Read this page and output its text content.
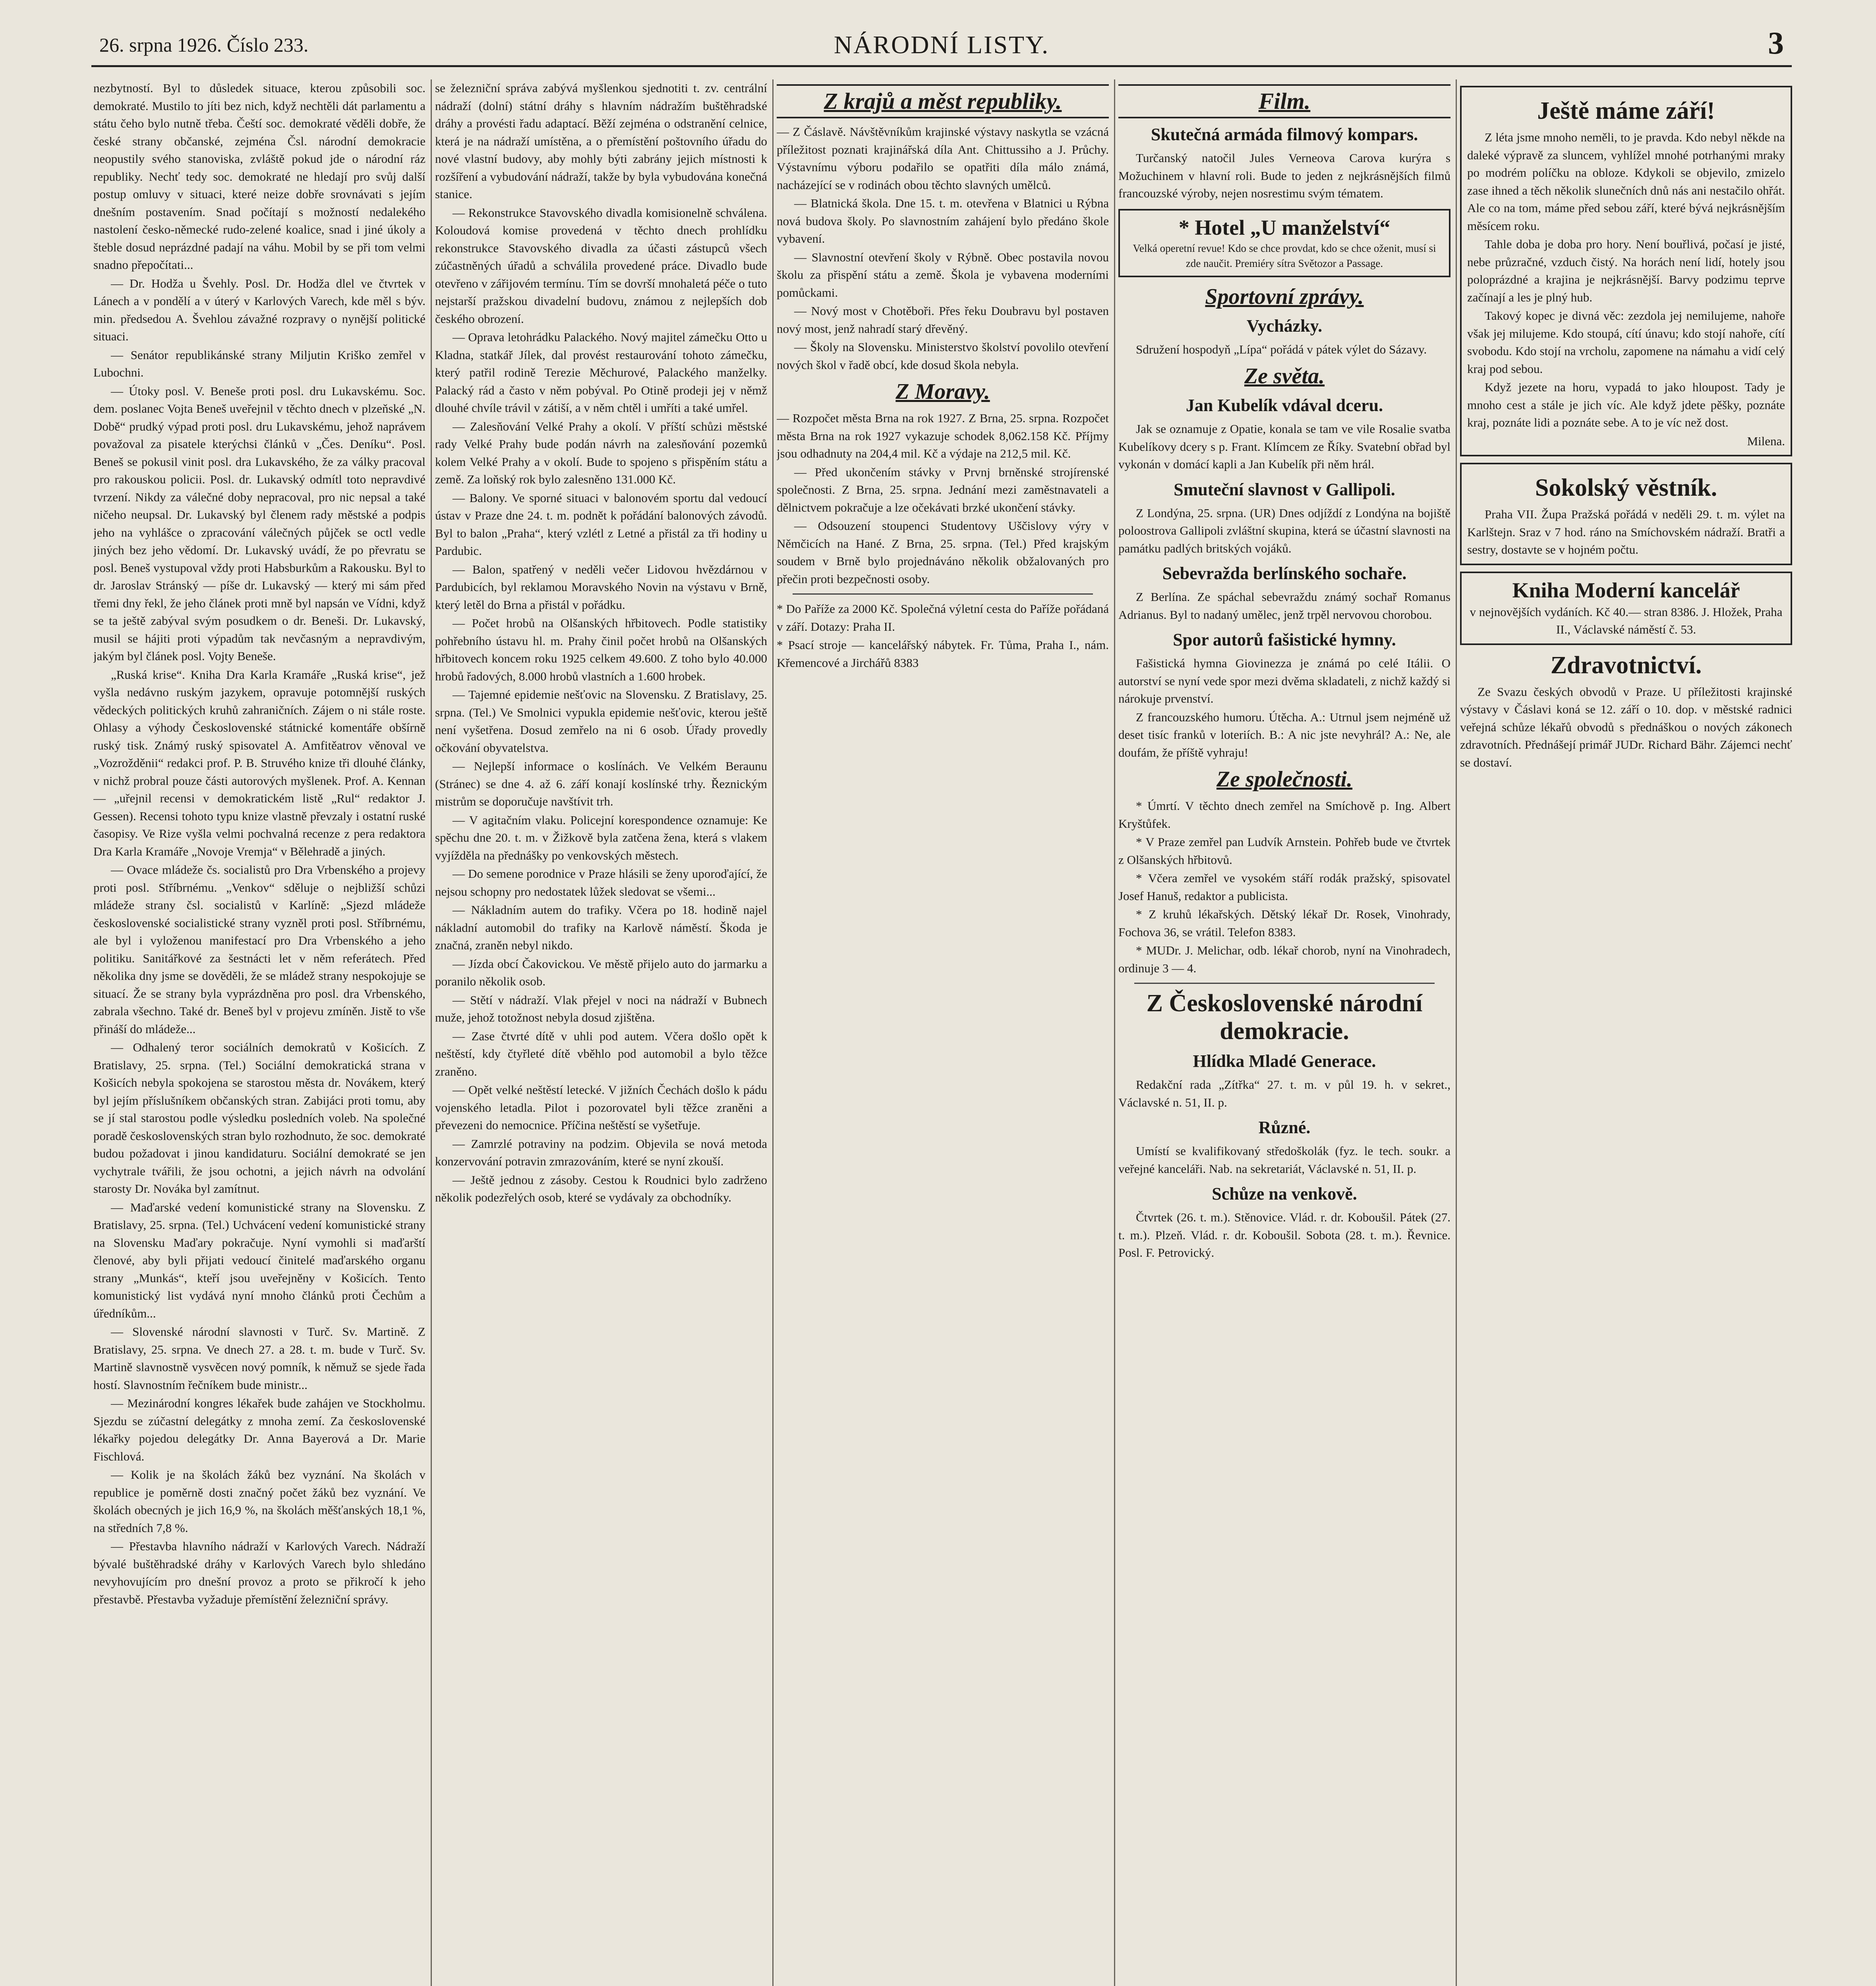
26. srpna 1926. Číslo 233.	NÁRODNÍ LISTY.	3

nezbytností. Byl to důsledek situace, kterou způsobili soc. demokraté. Mustilo to jíti bez nich, když nechtěli dát parlamentu a státu čeho bylo nutně třeba. Čeští soc. demokraté věděli dobře, že české strany občanské, zejména Čsl. národní demokracie neopustily svého stanoviska, zvláště pokud jde o národní ráz republiky. Nechť tedy soc. demokraté ne hledají pro svůj další postup omluvy v situaci, které neize dobře srovnávati s jejím dnešním postavením. Snad počítají s možností nedalekého nastolení česko-německé rudo-zelené koalice, snad i jiné úkoly a šteble dosud neprázdné padají na váhu. Mobil by se při tom velmi snadno přepočítati...

— Dr. Hodža u Švehly. Posl. Dr. Hodža dlel ve čtvrtek v Lánech a v pondělí a v úterý v Karlových Varech, kde měl s býv. min. předsedou A. Švehlou závažné rozpravy o nynější politické situaci.

— Senátor republikánské strany Miljutin Kriško zemřel v Lubochni.

— Útoky posl. V. Beneše proti posl. dru Lukavskému. Soc. dem. poslanec Vojta Beneš uveřejnil v těchto dnech v plzeňské „N. Době“ prudký výpad proti posl. dru Lukavskému, jehož naprávem považoval za pisatele kterýchsi článků v „Čes. Deníku“. Posl. Beneš se pokusil vinit posl. dra Lukavského, že za války pracoval pro rakouskou policii. Posl. dr. Lukavský odmítl toto nepravdivé tvrzení. Nikdy za válečné doby nepracoval, pro nic nepsal a také ničeho neupsal. Dr. Lukavský byl členem rady městské a podpis jeho na vyhlášce o zpracování válečných půjček se octl vedle jiných bez jeho vědomí. Dr. Lukavský uvádí, že po převratu se posl. Beneš vystupoval vždy proti Habsburkům a Rakousku. Byl to dr. Jaroslav Stránský — píše dr. Lukavský — který mi sám před třemi dny řekl, že jeho článek proti mně byl napsán ve Vídni, když se ta ještě zabýval svým posudkem o dr. Beneši. Dr. Lukavský, musil se hájiti proti výpadům tak nevčasným a nepravdivým, jakým byl článek posl. Vojty Beneše.

„Ruská krise“. Kniha Dra Karla Kramáře „Ruská krise“, jež vyšla nedávno ruským jazykem, opravuje potomnější ruských vědeckých politických kruhů zahraničních. Zájem o ni stále roste. Ohlasy a výhody Československé státnické komentáře obšírně ruský tisk. Známý ruský spisovatel A. Amfitěatrov věnoval ve „Vozrožděnii“ redakci prof. P. B. Struvého knize tři dlouhé články, v nichž probral pouze části autorových myšlenek. Prof. A. Kennan — „uřejnil recensi v demokratickém listě „Rul“ redaktor J. Gessen). Recensi tohoto typu knize vlastně převzaly i ostatní ruské časopisy. Ve Rize vyšla velmi pochvalná recenze z pera redaktora Dra Karla Kramáře „Novoje Vremja“ v Bělehradě a jiných.

— Ovace mládeže čs. socialistů pro Dra Vrbenského a projevy proti posl. Stříbrnému. „Venkov“ sděluje o nejbližší schůzi mládeže strany čsl. socialistů v Karlíně: „Sjezd mládeže československé socialistické strany vyzněl proti posl. Stříbrnému, ale byl i vyloženou manifestací pro Dra Vrbenského a jeho politiku. Sanitářkové za šestnácti let v něm referátech. Před několika dny jsme se dověděli, že se mládež strany nespokojuje se situací. Že se strany byla vyprázdněna pro posl. dra Vrbenského, zabrala všechno. Také dr. Beneš byl v projevu zmíněn. Jistě to vše přináší do mládeže...

— Odhalený teror sociálních demokratů v Košicích. Z Bratislavy, 25. srpna. (Tel.) Sociální demokratická strana v Košicích nebyla spokojena se starostou města dr. Novákem, který byl jejím příslušníkem občanských stran. Zabijáci proti tomu, aby se jí stal starostou podle výsledku posledních voleb. Na společné poradě československých stran bylo rozhodnuto, že soc. demokraté budou požadovat i jinou kandidaturu. Sociální demokraté se jen vychytrale tvářili, že jsou ochotni, a jejich návrh na odvolání starosty Dr. Nováka byl zamítnut.

— Maďarské vedení komunistické strany na Slovensku. Z Bratislavy, 25. srpna. (Tel.) Uchvácení vedení komunistické strany na Slovensku Maďary pokračuje. Nyní vymohli si maďarští členové, aby byli přijati vedoucí činitelé maďarského organu strany „Munkás“, kteří jsou uveřejněny v Košicích. Tento komunistický list vydává nyní mnoho článků proti Čechům a úředníkům...

— Slovenské národní slavnosti v Turč. Sv. Martině. Z Bratislavy, 25. srpna. Ve dnech 27. a 28. t. m. bude v Turč. Sv. Martině slavnostně vysvěcen nový pomník, k němuž se sjede řada hostí. Slavnostním řečníkem bude ministr...

— Mezinárodní kongres lékařek bude zahájen ve Stockholmu. Sjezdu se zúčastní delegátky z mnoha zemí. Za československé lékařky pojedou delegátky Dr. Anna Bayerová a Dr. Marie Fischlová.

— Kolik je na školách žáků bez vyznání. Na školách v republice je poměrně dosti značný počet žáků bez vyznání. Ve školách obecných je jich 16,9 %, na školách měšťanských 18,1 %, na středních 7,8 %.

— Přestavba hlavního nádraží v Karlových Varech. Nádraží bývalé buštěhradské dráhy v Karlových Varech bylo shledáno nevyhovujícím pro dnešní provoz a proto se přikročí k jeho přestavbě. Přestavba vyžaduje přemístění železniční správy.

se železniční správa zabývá myšlenkou sjednotiti t. zv. centrální nádraží (dolní) státní dráhy s hlavním nádražím buštěhradské dráhy a provésti řadu adaptací. Běží zejména o odstranění celnice, která je na nádraží umístěna, a o přemístění poštovního úřadu do nové vlastní budovy, aby mohly býti zabrány jejich místnosti k rozšíření a vybudování nádraží, takže by byla vybudována konečná stanice.

— Rekonstrukce Stavovského divadla komisionelně schválena. Koloudová komise provedená v těchto dnech prohlídku rekonstrukce Stavovského divadla za účasti zástupců všech zúčastněných úřadů a schválila provedené práce. Divadlo bude otevřeno v zářijovém termínu. Tím se dovrší mnohaletá péče o tuto nejstarší pražskou divadelní budovu, známou z nejlepších dob českého obrození.

— Oprava letohrádku Palackého. Nový majitel zámečku Otto u Kladna, statkář Jílek, dal provést restaurování tohoto zámečku, který patřil rodině Terezie Měchurové, Palackého manželky. Palacký rád a často v něm pobýval. Po Otině prodeji jej v němž dlouhé chvíle trávil v zátiší, a v něm chtěl i umříti a také umřel.

— Zalesňování Velké Prahy a okolí. V příští schůzi městské rady Velké Prahy bude podán návrh na zalesňování pozemků kolem Velké Prahy a v okolí. Bude to spojeno s přispěním státu a země. Za loňský rok bylo zalesněno 131.000 Kč.

— Balony. Ve sporné situaci v balonovém sportu dal vedoucí ústav v Praze dne 24. t. m. podnět k pořádání balonových závodů. Byl to balon „Praha“, který vzlétl z Letné a přistál za tři hodiny u Pardubic.

— Balon, spatřený v neděli večer Lidovou hvězdárnou v Pardubicích, byl reklamou Moravského Novin na výstavu v Brně, který letěl do Brna a přistál v pořádku.

— Počet hrobů na Olšanských hřbitovech. Podle statistiky pohřebního ústavu hl. m. Prahy činil počet hrobů na Olšanských hřbitovech koncem roku 1925 celkem 49.600. Z toho bylo 40.000 hrobů řadových, 8.000 hrobů vlastních a 1.600 hrobek.

— Tajemné epidemie nešťovic na Slovensku. Z Bratislavy, 25. srpna. (Tel.) Ve Smolnici vypukla epidemie nešťovic, kterou ještě není vyšetřena. Dosud zemřelo na ni 6 osob. Úřady provedly očkování obyvatelstva.

— Nejlepší informace o koslínách. Ve Velkém Beraunu (Stránec) se dne 4. až 6. září konají koslínské trhy. Řeznickým mistrům se doporučuje navštívit trh.

— V agitačním vlaku. Policejní korespondence oznamuje: Ke spěchu dne 20. t. m. v Žižkově byla zatčena žena, která s vlakem vyjížděla na přednášky po venkovských městech.

— Do semene porodnice v Praze hlásili se ženy uporoďající, že nejsou schopny pro nedostatek lůžek sledovat se všemi...

— Nákladním autem do trafiky. Včera po 18. hodině najel nákladní automobil do trafiky na Karlově náměstí. Škoda je značná, zraněn nebyl nikdo.

— Jízda obcí Čakovickou. Ve městě přijelo auto do jarmarku a poranilo několik osob.

— Stětí v nádraží. Vlak přejel v noci na nádraží v Bubnech muže, jehož totožnost nebyla dosud zjištěna.

— Zase čtvrté dítě v uhli pod autem. Včera došlo opět k neštěstí, kdy čtyřleté dítě vběhlo pod automobil a bylo těžce zraněno.

— Opět velké neštěstí letecké. V jižních Čechách došlo k pádu vojenského letadla. Pilot i pozorovatel byli těžce zraněni a převezeni do nemocnice. Příčina neštěstí se vyšetřuje.

— Zamrzlé potraviny na podzim. Objevila se nová metoda konzervování potravin zmrazováním, které se nyní zkouší.

— Ještě jednou z zásoby. Cestou k Roudnici bylo zadrženo několik podezřelých osob, které se vydávaly za obchodníky.

Z krajů a měst republiky.

— Z Čáslavě. Návštěvníkům krajinské výstavy naskytla se vzácná příležitost poznati krajinářská díla Ant. Chittussiho a J. Průchy. Výstavnímu výboru podařilo se opatřiti díla málo známá, nacházející se v rodinách obou těchto slavných umělců.

— Blatnická škola. Dne 15. t. m. otevřena v Blatnici u Rýbna nová budova školy. Po slavnostním zahájení bylo předáno škole vybavení.

— Slavnostní otevření školy v Rýbně. Obec postavila novou školu za přispění státu a země. Škola je vybavena moderními pomůckami.

— Nový most v Chotěboři. Přes řeku Doubravu byl postaven nový most, jenž nahradí starý dřevěný.

— Školy na Slovensku. Ministerstvo školství povolilo otevření nových škol v řadě obcí, kde dosud škola nebyla.

Z Moravy.

— Rozpočet města Brna na rok 1927. Z Brna, 25. srpna. Rozpočet města Brna na rok 1927 vykazuje schodek 8,062.158 Kč. Příjmy jsou odhadnuty na 204,4 mil. Kč a výdaje na 212,5 mil. Kč.

— Před ukončením stávky v Prvnj brněnské strojírenské společnosti. Z Brna, 25. srpna. Jednání mezi zaměstnavateli a dělnictvem pokračuje a lze očekávati brzké ukončení stávky.

— Odsouzení stoupenci Studentovy Uščislovy výry v Němčicích na Hané. Z Brna, 25. srpna. (Tel.) Před krajským soudem v Brně bylo projednáváno několik obžalovaných pro přečin proti bezpečnosti osoby.

* Do Paříže za 2000 Kč. Společná výletní cesta do Paříže pořádaná v září. Dotazy: Praha II.

* Psací stroje — kancelářský nábytek. Fr. Tůma, Praha I., nám. Křemencové a Jirchářů 8383

Film.
Skutečná armáda filmový kompars.

Turčanský natočil Jules Verneova Carova kurýra s Možuchinem v hlavní roli. Bude to jeden z nejkrásnějších filmů francouzské výroby, nejen nosrestimu svým tématem.

* Hotel „U manželství“

Velká operetní revue! Kdo se chce provdat, kdo se chce oženit, musí si zde naučit. Premiéry sítra Světozor a Passage.

Sportovní zprávy.
Vycházky.

Sdružení hospodyň „Lípa“ pořádá v pátek výlet do Sázavy.

Ze světa.
Jan Kubelík vdával dceru.

Jak se oznamuje z Opatie, konala se tam ve vile Rosalie svatba Kubelíkovy dcery s p. Frant. Klímcem ze Říky. Svatební obřad byl vykonán v domácí kapli a Jan Kubelík při něm hrál.

Smuteční slavnost v Gallipoli.

Z Londýna, 25. srpna. (UR) Dnes odjíždí z Londýna na bojiště poloostrova Gallipoli zvláštní skupina, která se účastní slavnosti na památku padlých britských vojáků.

Sebevražda berlínského sochaře.

Z Berlína. Ze spáchal sebevraždu známý sochař Romanus Adrianus. Byl to nadaný umělec, jenž trpěl nervovou chorobou.

Spor autorů fašistické hymny.

Fašistická hymna Giovinezza je známá po celé Itálii. O autorství se nyní vede spor mezi dvěma skladateli, z nichž každý si nárokuje prvenství.

Z francouzského humoru. Útěcha. A.: Utrnul jsem nejméně už deset tisíc franků v loteriích. B.: A nic jste nevyhrál? A.: Ne, ale doufám, že příště vyhraju!

Ze společnosti.

* Úmrtí. V těchto dnech zemřel na Smíchově p. Ing. Albert Kryštůfek.

* V Praze zemřel pan Ludvík Arnstein. Pohřeb bude ve čtvrtek z Olšanských hřbitovů.

* Včera zemřel ve vysokém stáří rodák pražský, spisovatel Josef Hanuš, redaktor a publicista.

* Z kruhů lékařských. Dětský lékař Dr. Rosek, Vinohrady, Fochova 36, se vrátil. Telefon 8383.

* MUDr. J. Melichar, odb. lékař chorob, nyní na Vinohradech, ordinuje 3 — 4.

Z Československé národní demokracie.
Hlídka Mladé Generace.

Redakční rada „Zítřka“ 27. t. m. v půl 19. h. v sekret., Václavské n. 51, II. p.

Různé.

Umístí se kvalifikovaný středoškolák (fyz. le tech. soukr. a veřejné kanceláři. Nab. na sekretariát, Václavské n. 51, II. p.

Schůze na venkově.

Čtvrtek (26. t. m.). Stěnovice. Vlád. r. dr. Koboušil. Pátek (27. t. m.). Plzeň. Vlád. r. dr. Koboušil. Sobota (28. t. m.). Řevnice. Posl. F. Petrovický.

Ještě máme září!

Z léta jsme mnoho neměli, to je pravda. Kdo nebyl někde na daleké výpravě za sluncem, vyhlížel mnohé potrhanými mraky po modrém políčku na obloze. Kdykoli se objevilo, zmizelo zase ihned a těch několik slunečních dnů nás ani nestačilo ohřát. Ale co na tom, máme před sebou září, které bývá nejkrásnějším měsícem roku.

Tahle doba je doba pro hory. Není bouřlivá, počasí je jisté, nebe průzračné, vzduch čistý. Na horách není lidí, hotely jsou poloprázdné a krajina je nejkrásnější. Barvy podzimu teprve začínají a les je plný hub.

Takový kopec je divná věc: zezdola jej nemilujeme, nahoře však jej milujeme. Kdo stoupá, cítí únavu; kdo stojí nahoře, cítí svobodu. Kdo stojí na vrcholu, zapomene na námahu a vidí celý kraj pod sebou.

Když jezete na horu, vypadá to jako hloupost. Tady je mnoho cest a stále je jich víc. Ale když jdete pěšky, poznáte kraj, poznáte lidi a poznáte sebe. A to je víc než dost.

Milena.

Sokolský věstník.

Praha VII. Župa Pražská pořádá v neděli 29. t. m. výlet na Karlštejn. Sraz v 7 hod. ráno na Smíchovském nádraží. Bratři a sestry, dostavte se v hojném počtu.

Kniha Moderní kancelář

v nejnovějších vydáních. Kč 40.— stran 8386. J. Hložek, Praha II., Václavské náměstí č. 53.

Zdravotnictví.

Ze Svazu českých obvodů v Praze. U příležitosti krajinské výstavy v Čáslavi koná se 12. září o 10. dop. v městské radnici veřejná schůze lékařů obvodů s přednáškou o nových zákonech zdravotních. Přednášejí primář JUDr. Richard Bähr. Zájemci nechť se dostaví.
